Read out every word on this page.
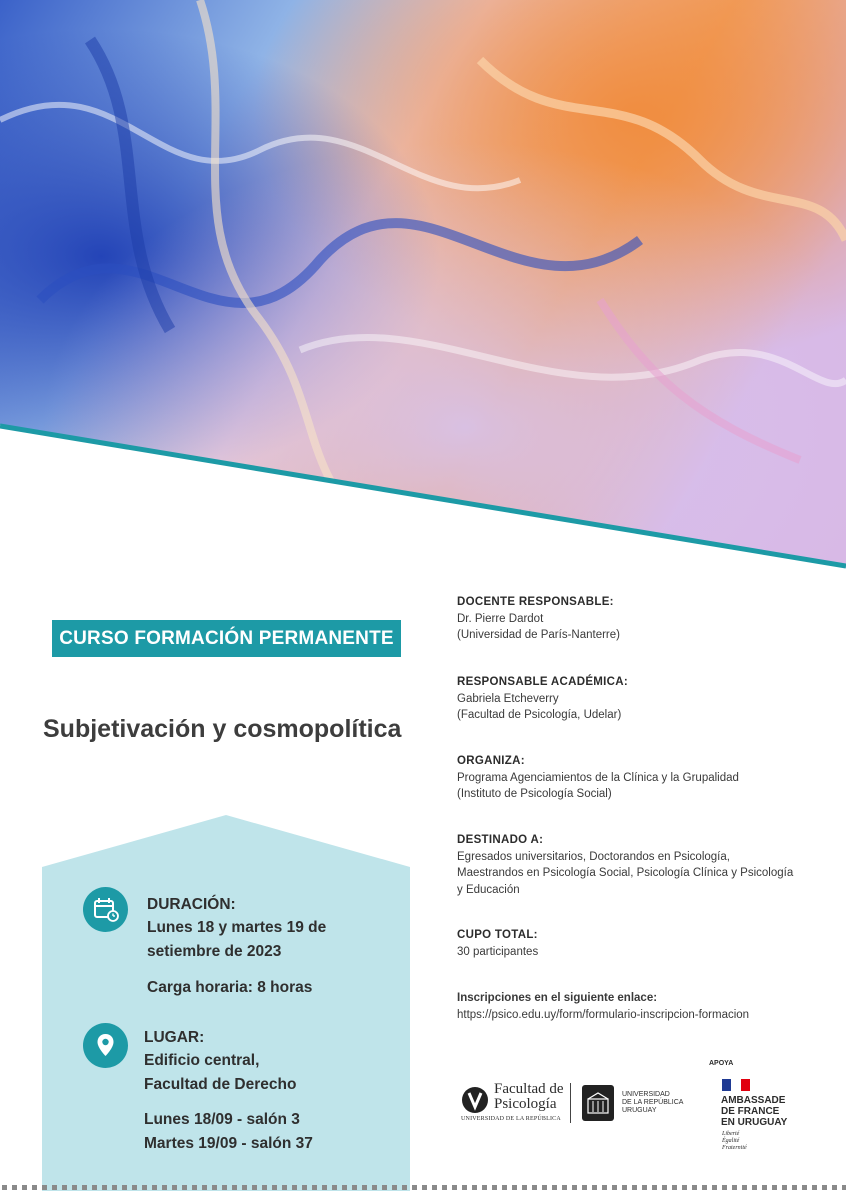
CURSO FORMACIÓN PERMANENTE
Subjetivación y cosmopolítica
DURACIÓN:
Lunes 18 y martes 19 de
setiembre de 2023
Carga horaria: 8 horas
LUGAR:
Edificio central,
Facultad de Derecho
Lunes 18/09 - salón 3
Martes 19/09 - salón 37
DOCENTE RESPONSABLE:
Dr. Pierre Dardot
(Universidad de París-Nanterre)
RESPONSABLE ACADÉMICA:
Gabriela Etcheverry
(Facultad de Psicología, Udelar)
ORGANIZA:
Programa Agenciamientos de la Clínica y la Grupalidad
(Instituto de Psicología Social)
DESTINADO A:
Egresados universitarios, Doctorandos en Psicología,
Maestrandos en Psicología Social, Psicología Clínica y Psicología
y Educación
CUPO TOTAL:
30 participantes
Inscripciones en el siguiente enlace:
https://psico.edu.uy/form/formulario-inscripcion-formacion
Facultad de
Psicología
UNIVERSIDAD DE LA REPÚBLICA
UNIVERSIDAD
DE LA REPÚBLICA
URUGUAY
APOYA
AMBASSADE
DE FRANCE
EN URUGUAY
Liberté
Égalité
Fraternité
